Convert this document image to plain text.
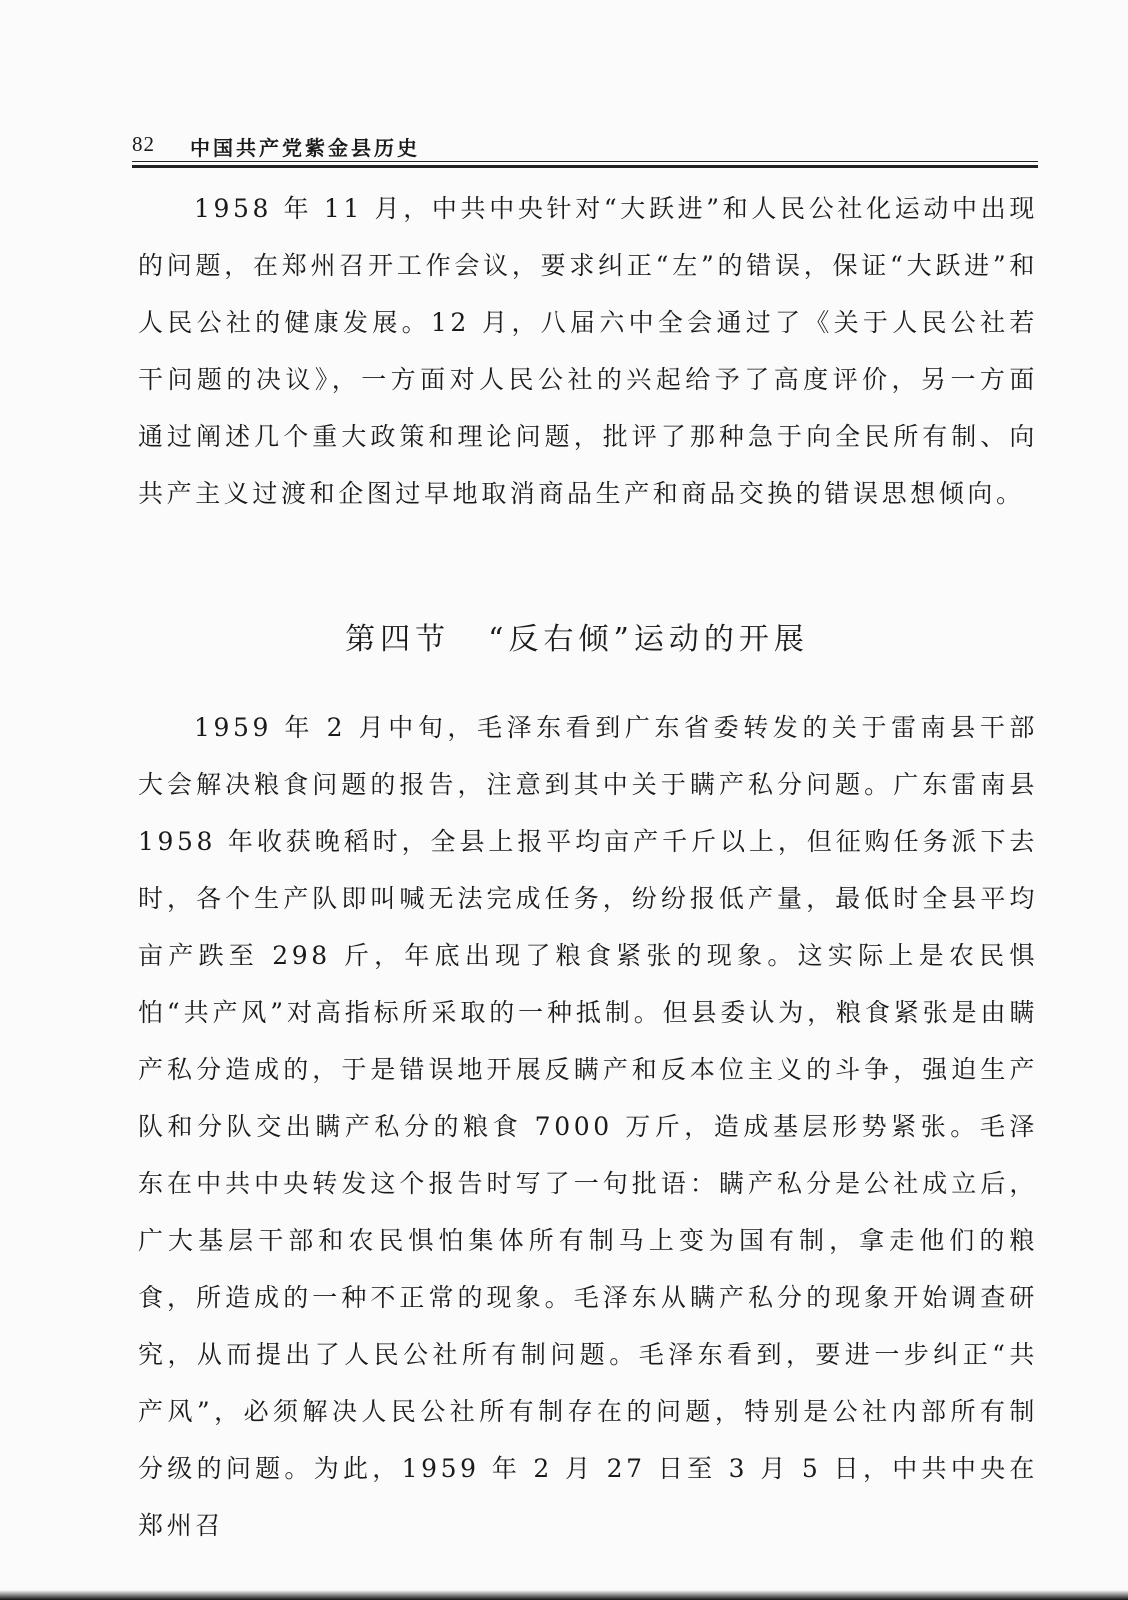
82 中国共产党紫金县历史

1958 年 11 月，中共中央针对“大跃进”和人民公社化运动中出现的问题，在郑州召开工作会议，要求纠正“左”的错误，保证“大跃进”和人民公社的健康发展。12 月，八届六中全会通过了《关于人民公社若干问题的决议》，一方面对人民公社的兴起给予了高度评价，另一方面通过阐述几个重大政策和理论问题，批评了那种急于向全民所有制、向共产主义过渡和企图过早地取消商品生产和商品交换的错误思想倾向。

第四节 “反右倾”运动的开展

1959 年 2 月中旬，毛泽东看到广东省委转发的关于雷南县干部大会解决粮食问题的报告，注意到其中关于瞒产私分问题。广东雷南县 1958 年收获晚稻时，全县上报平均亩产千斤以上，但征购任务派下去时，各个生产队即叫喊无法完成任务，纷纷报低产量，最低时全县平均亩产跌至 298 斤，年底出现了粮食紧张的现象。这实际上是农民惧怕“共产风”对高指标所采取的一种抵制。但县委认为，粮食紧张是由瞒产私分造成的，于是错误地开展反瞒产和反本位主义的斗争，强迫生产队和分队交出瞒产私分的粮食 7000 万斤，造成基层形势紧张。毛泽东在中共中央转发这个报告时写了一句批语：瞒产私分是公社成立后，广大基层干部和农民惧怕集体所有制马上变为国有制，拿走他们的粮食，所造成的一种不正常的现象。毛泽东从瞒产私分的现象开始调查研究，从而提出了人民公社所有制问题。毛泽东看到，要进一步纠正“共产风”，必须解决人民公社所有制存在的问题，特别是公社内部所有制分级的问题。为此，1959 年 2 月 27 日至 3 月 5 日，中共中央在郑州召
